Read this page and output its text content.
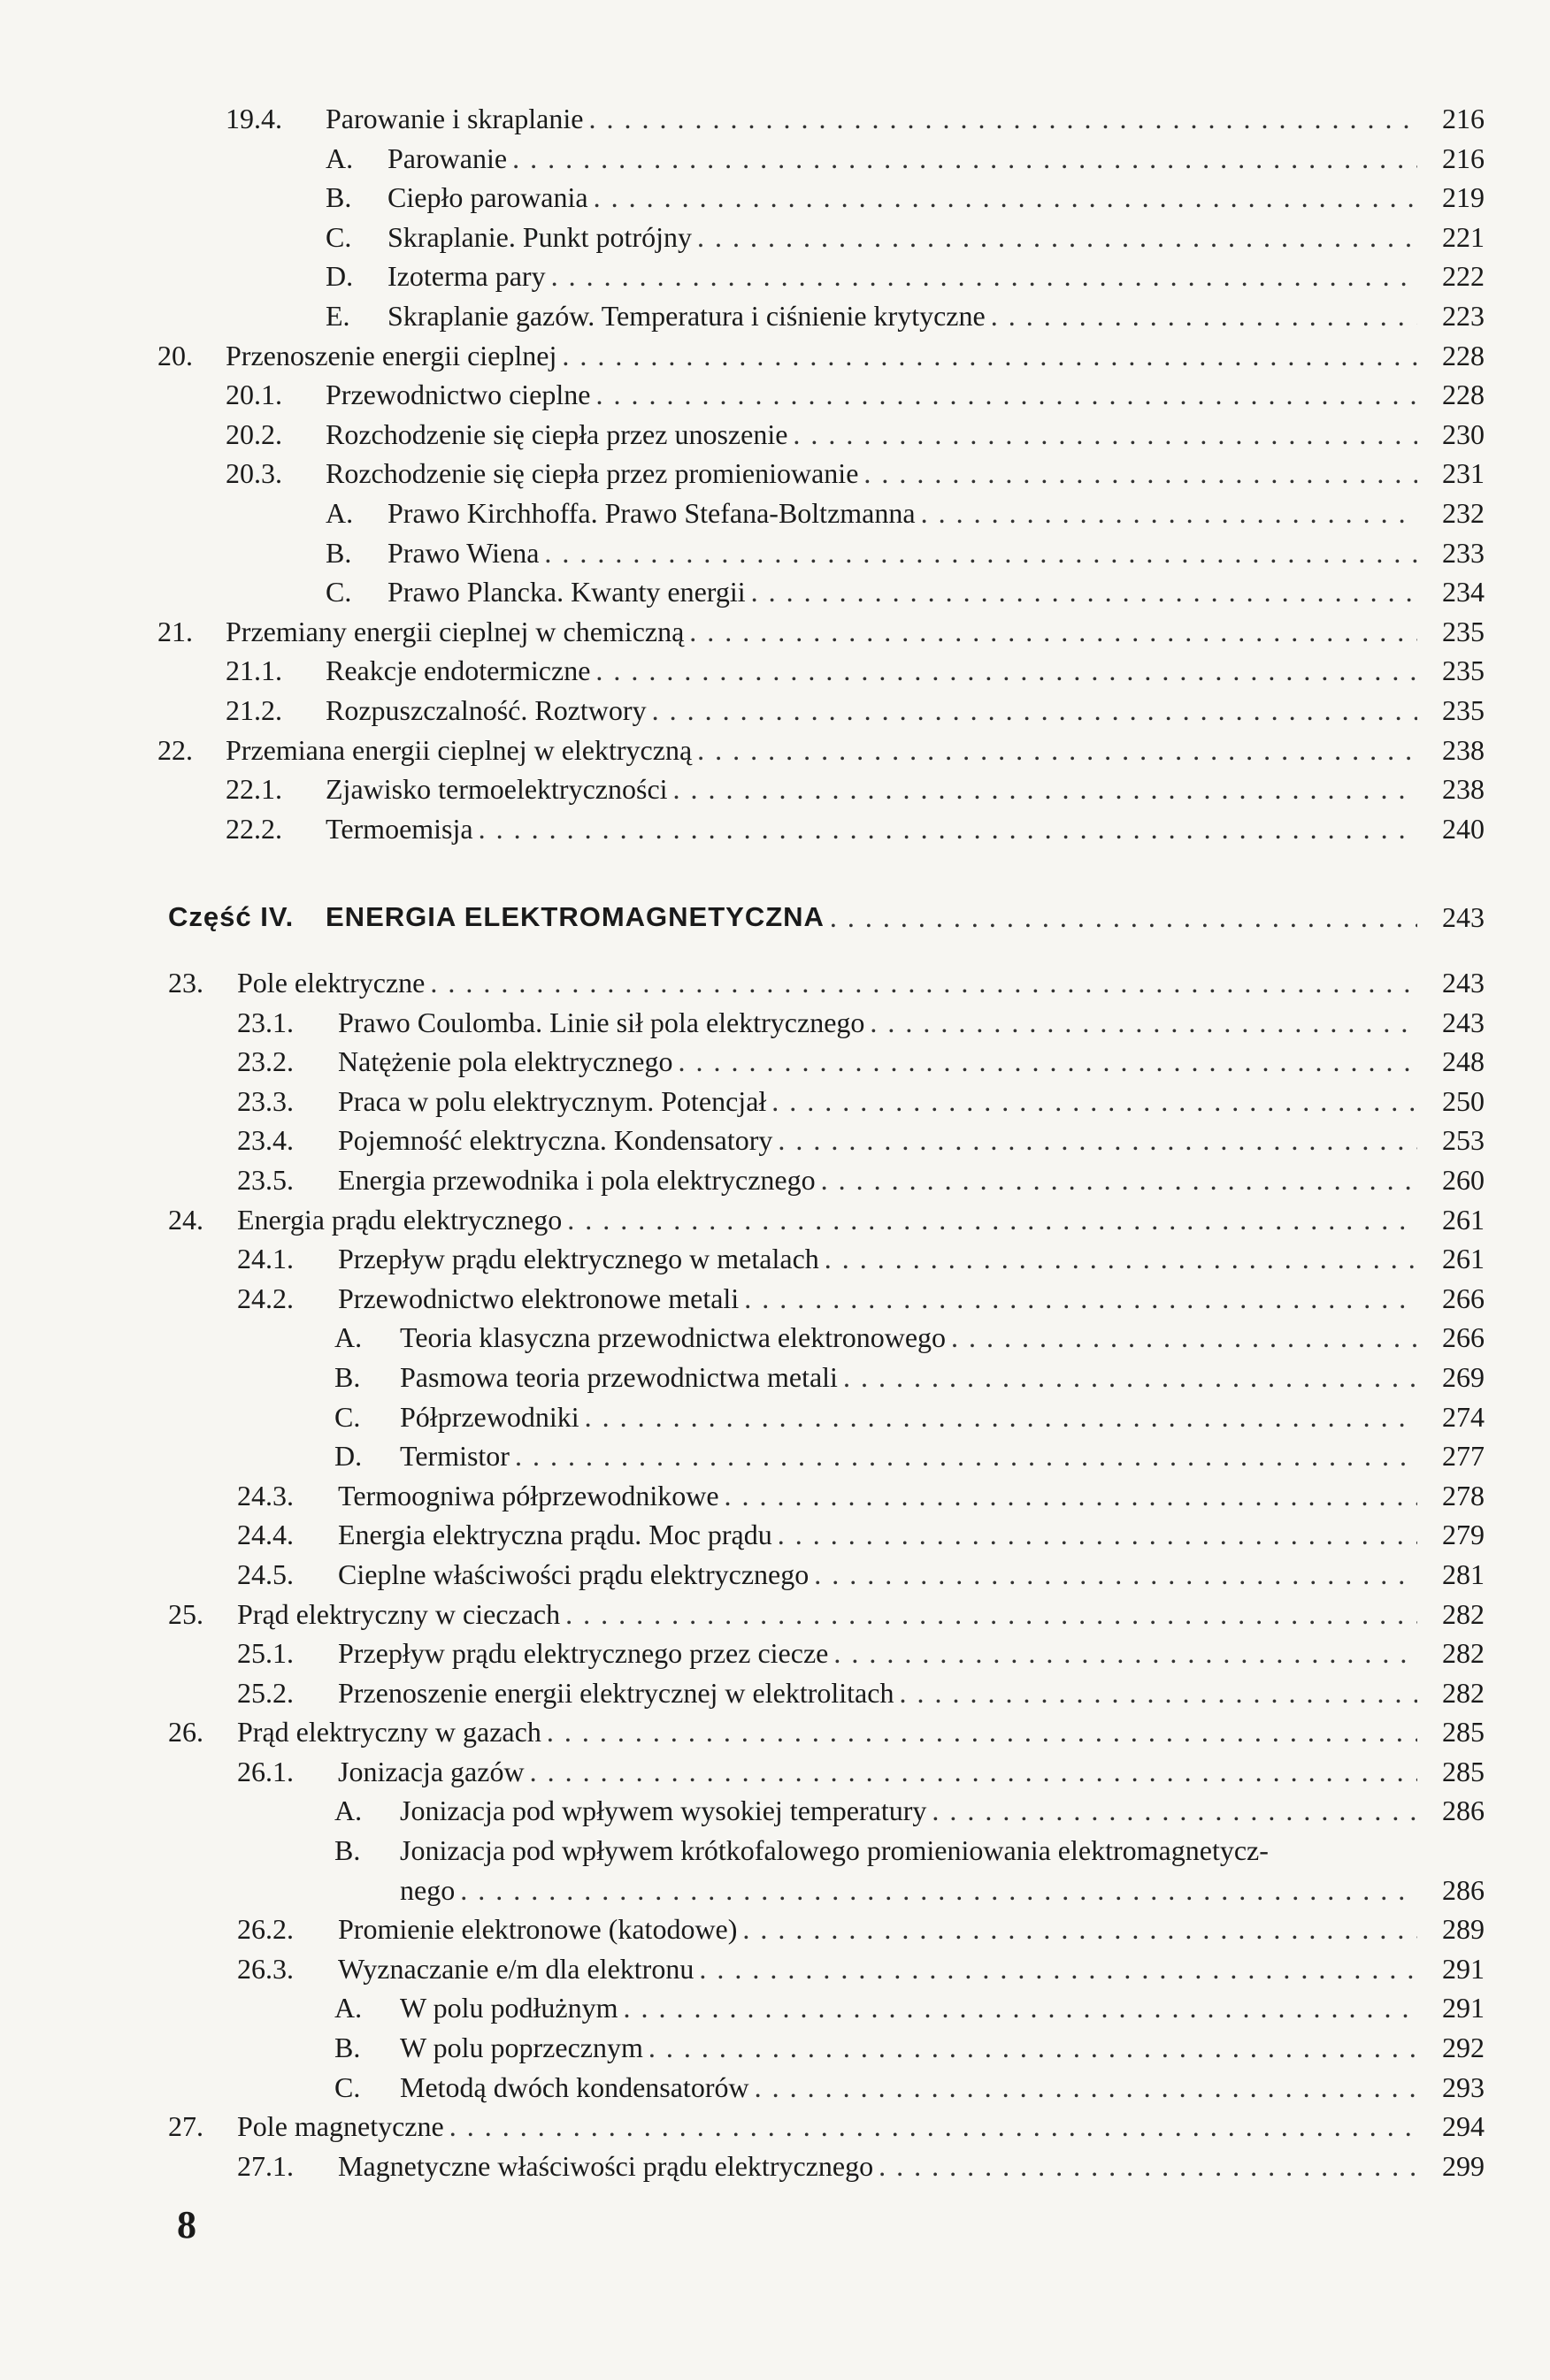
19.4. Parowanie i skraplanie . . .	216
A. Parowanie . . .	216
B. Ciepło parowania . . .	219
C. Skraplanie. Punkt potrójny . . .	221
D. Izoterma pary . . .	222
E. Skraplanie gazów. Temperatura i ciśnienie krytyczne . . .	223
20. Przenoszenie energii cieplnej . . .	228
20.1. Przewodnictwo cieplne . . .	228
20.2. Rozchodzenie się ciepła przez unoszenie . . .	230
20.3. Rozchodzenie się ciepła przez promieniowanie . . .	231
A. Prawo Kirchhoffa. Prawo Stefana-Boltzmanna . . .	232
B. Prawo Wiena . . .	233
C. Prawo Plancka. Kwanty energii . . .	234
21. Przemiany energii cieplnej w chemiczną . . .	235
21.1. Reakcje endotermiczne . . .	235
21.2. Rozpuszczalność. Roztwory . . .	235
22. Przemiana energii cieplnej w elektryczną . . .	238
22.1. Zjawisko termoelektryczności . . .	238
22.2. Termoemisja . . .	240
Część IV. ENERGIA ELEKTROMAGNETYCZNA . . .	243
23. Pole elektryczne . . .	243
23.1. Prawo Coulomba. Linie sił pola elektrycznego . . .	243
23.2. Natężenie pola elektrycznego . . .	248
23.3. Praca w polu elektrycznym. Potencjał . . .	250
23.4. Pojemność elektryczna. Kondensatory . . .	253
23.5. Energia przewodnika i pola elektrycznego . . .	260
24. Energia prądu elektrycznego . . .	261
24.1. Przepływ prądu elektrycznego w metalach . . .	261
24.2. Przewodnictwo elektronowe metali . . .	266
A. Teoria klasyczna przewodnictwa elektronowego . . .	266
B. Pasmowa teoria przewodnictwa metali . . .	269
C. Półprzewodniki . . .	274
D. Termistor . . .	277
24.3. Termoogniwa półprzewodnikowe . . .	278
24.4. Energia elektryczna prądu. Moc prądu . . .	279
24.5. Cieplne właściwości prądu elektrycznego . . .	281
25. Prąd elektryczny w cieczach . . .	282
25.1. Przepływ prądu elektrycznego przez ciecze . . .	282
25.2. Przenoszenie energii elektrycznej w elektrolitach . . .	282
26. Prąd elektryczny w gazach . . .	285
26.1. Jonizacja gazów . . .	285
A. Jonizacja pod wpływem wysokiej temperatury . . .	286
B. Jonizacja pod wpływem krótkofalowego promieniowania elektromagnetycz-
nego . . .	286
26.2. Promienie elektronowe (katodowe) . . .	289
26.3. Wyznaczanie e/m dla elektronu . . .	291
A. W polu podłużnym . . .	291
B. W polu poprzecznym . . .	292
C. Metodą dwóch kondensatorów . . .	293
27. Pole magnetyczne . . .	294
27.1. Magnetyczne właściwości prądu elektrycznego . . .	299
8
